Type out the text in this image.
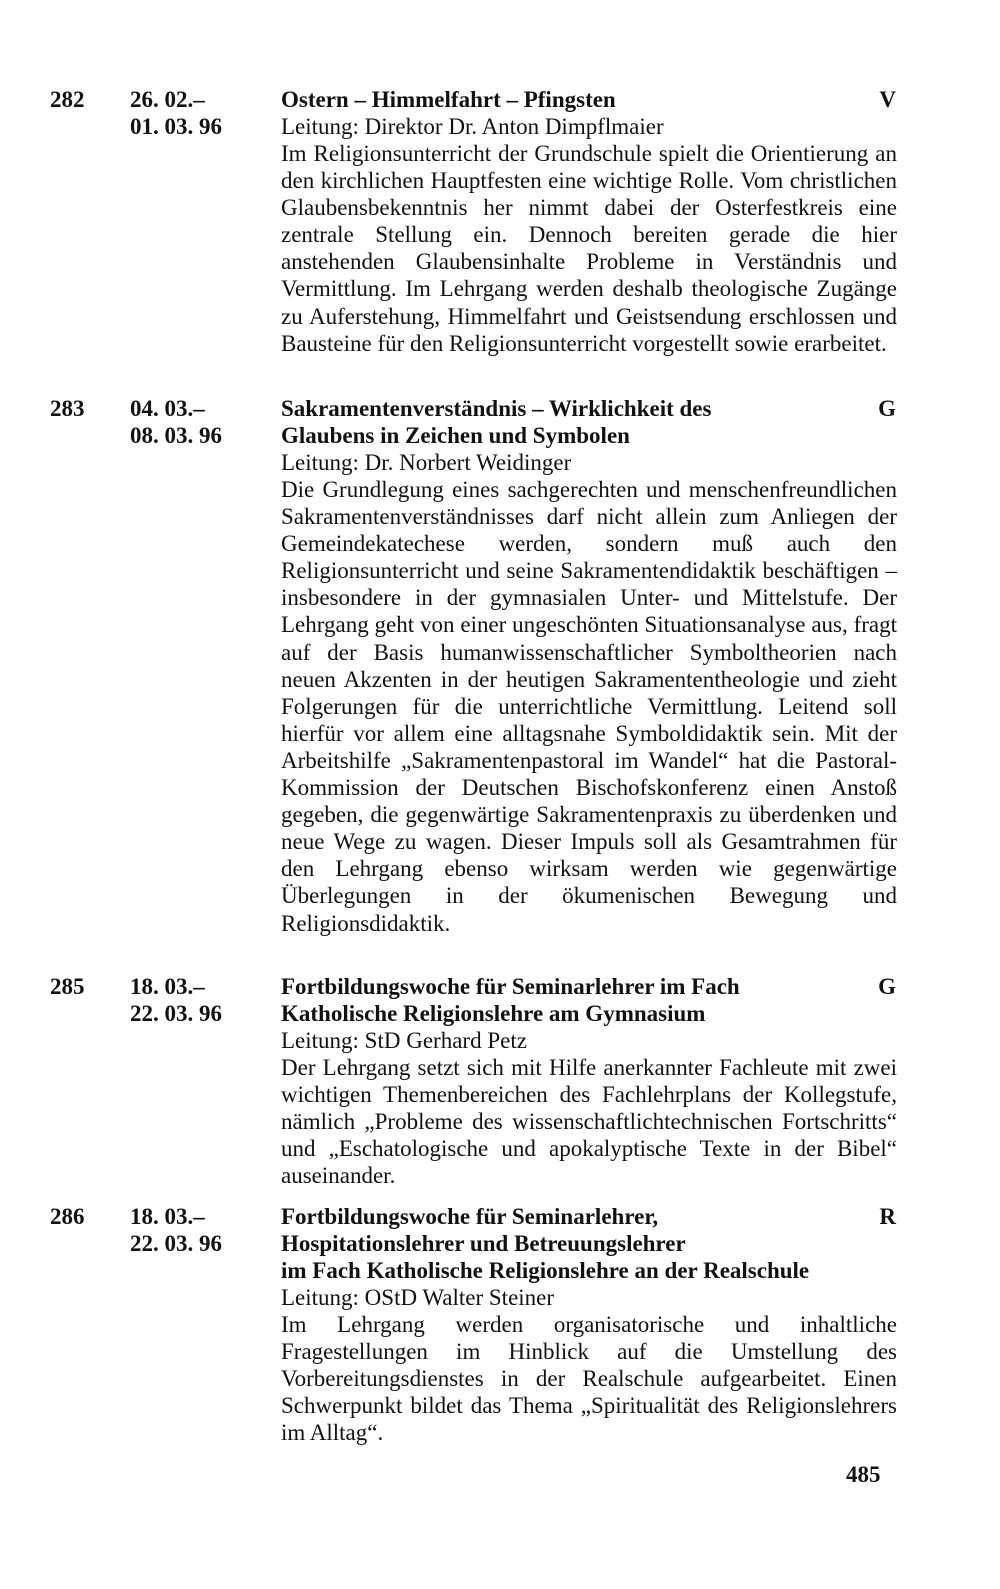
282 26. 02.–
01. 03. 96
V
Ostern – Himmelfahrt – Pfingsten
Leitung: Direktor Dr. Anton Dimpflmaier

Im Religionsunterricht der Grundschule spielt die Orientierung an den kirchlichen Hauptfesten eine wichtige Rolle. Vom christlichen Glaubensbekenntnis her nimmt dabei der Osterfestkreis eine zentrale Stellung ein. Dennoch bereiten gerade die hier anstehenden Glaubensinhalte Probleme in Verständnis und Vermittlung. Im Lehrgang werden deshalb theologische Zugänge zu Auferstehung, Himmelfahrt und Geistsendung erschlossen und Bausteine für den Religionsunterricht vorgestellt sowie erarbeitet.

283 04. 03.–
08. 03. 96
G
Sakramentenverständnis – Wirklichkeit des
Glaubens in Zeichen und Symbolen
Leitung: Dr. Norbert Weidinger

Die Grundlegung eines sachgerechten und menschenfreundlichen Sakramentenverständnisses darf nicht allein zum Anliegen der Gemeindekatechese werden, sondern muß auch den Religionsunterricht und seine Sakramentendidaktik beschäftigen – insbesondere in der gymnasialen Unter- und Mittelstufe. Der Lehrgang geht von einer ungeschönten Situationsanalyse aus, fragt auf der Basis humanwissenschaftlicher Symboltheorien nach neuen Akzenten in der heutigen Sakramententheologie und zieht Folgerungen für die unterrichtliche Vermittlung. Leitend soll hierfür vor allem eine alltagsnahe Symboldidaktik sein. Mit der Arbeitshilfe „Sakramentenpastoral im Wandel“ hat die Pastoral-Kommission der Deutschen Bischofskonferenz einen Anstoß gegeben, die gegenwärtige Sakramentenpraxis zu überdenken und neue Wege zu wagen. Dieser Impuls soll als Gesamtrahmen für den Lehrgang ebenso wirksam werden wie gegenwärtige Überlegungen in der ökumenischen Bewegung und Religionsdidaktik.

285 18. 03.–
22. 03. 96
G
Fortbildungswoche für Seminarlehrer im Fach
Katholische Religionslehre am Gymnasium
Leitung: StD Gerhard Petz

Der Lehrgang setzt sich mit Hilfe anerkannter Fachleute mit zwei wichtigen Themenbereichen des Fachlehrplans der Kollegstufe, nämlich „Probleme des wissenschaftlichtechnischen Fortschritts“ und „Eschatologische und apokalyptische Texte in der Bibel“ auseinander.

286 18. 03.–
22. 03. 96
R
Fortbildungswoche für Seminarlehrer,
Hospitationslehrer und Betreuungslehrer
im Fach Katholische Religionslehre an der Realschule
Leitung: OStD Walter Steiner

Im Lehrgang werden organisatorische und inhaltliche Fragestellungen im Hinblick auf die Umstellung des Vorbereitungsdienstes in der Realschule aufgearbeitet. Einen Schwerpunkt bildet das Thema „Spiritualität des Religionslehrers im Alltag“.

485
